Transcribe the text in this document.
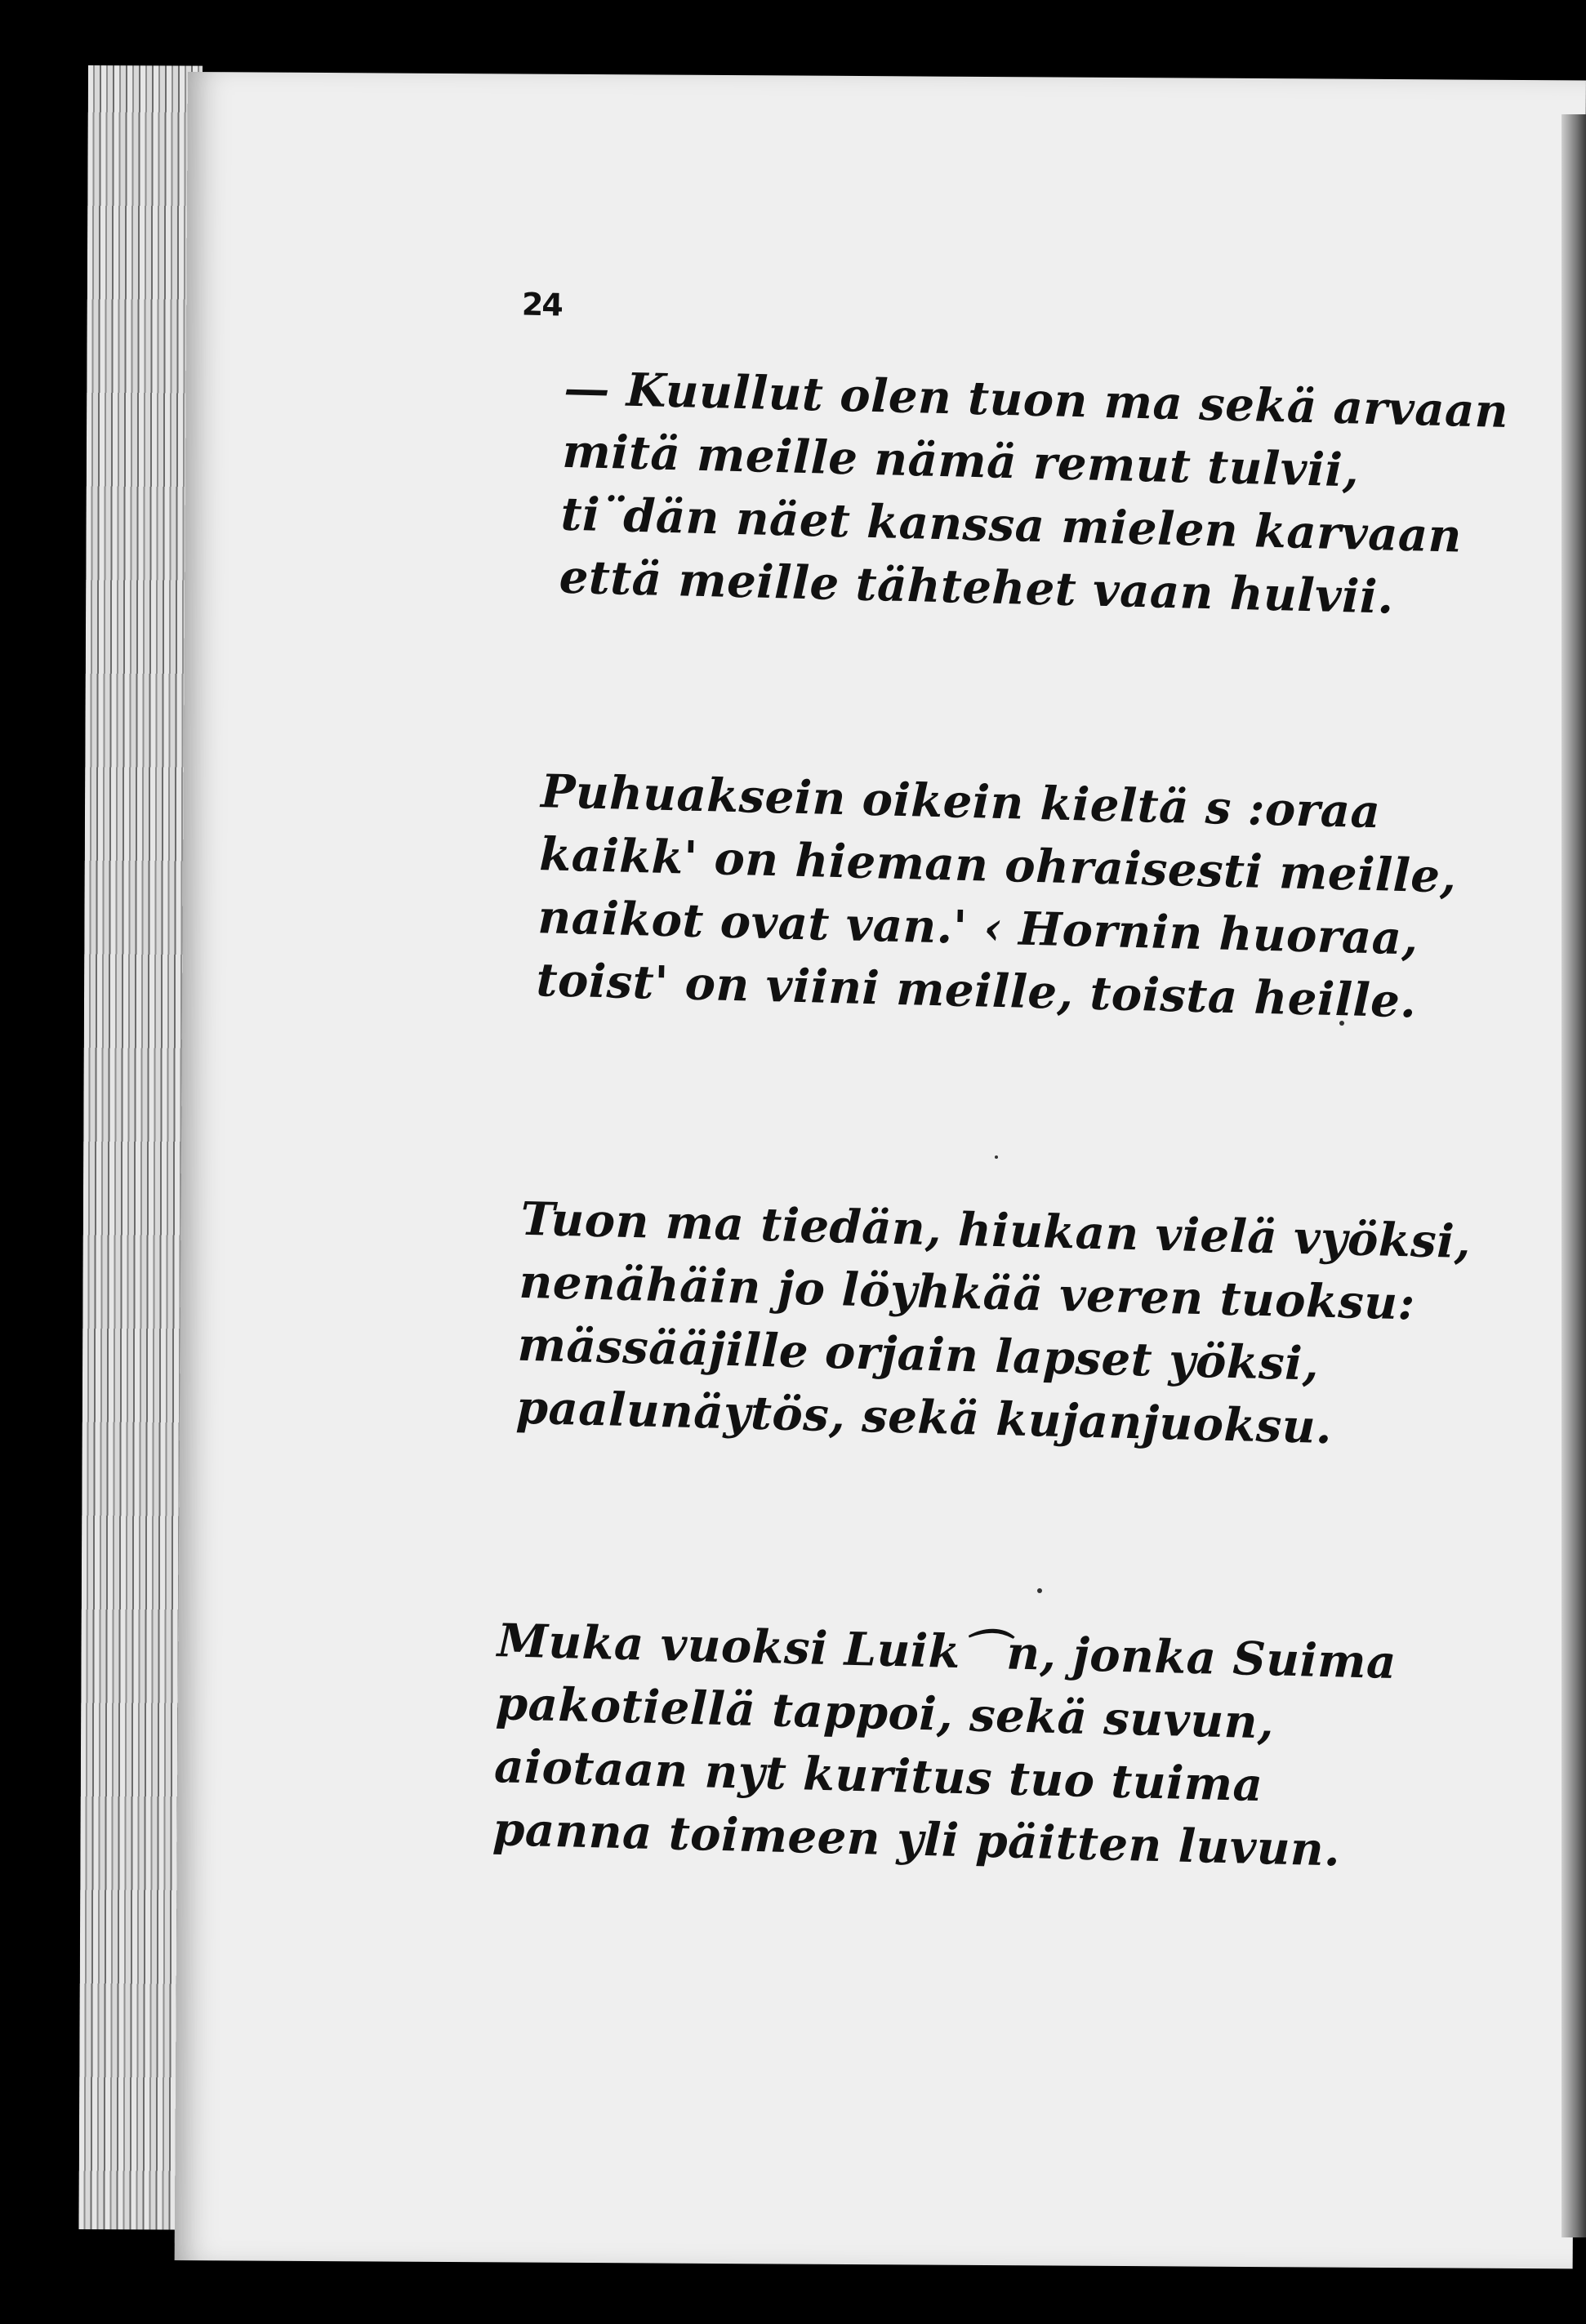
24
— Kuullut olen tuon ma sekä arvaan
mitä meille nämä remut tulvii,
ti¨dän näet kanssa mielen karvaan
että meille tähtehet vaan hulvii.
Puhuaksein oikein kieltä s :oraa
kaikk' on hieman ohraisesti meille,
naikot ovat van.' ‹ Hornin huoraa,
toist' on viini meille, toista heille.
Tuon ma tiedän, hiukan vielä vyöksi,
nenähäin jo löyhkää veren tuoksu:
mässääjille orjain lapset yöksi,
paalunäytös, sekä kujanjuoksu.
Muka vuoksi Luik⌒n, jonka Suima
pakotiellä tappoi, sekä suvun,
aiotaan nyt kuritus tuo tuima
panna toimeen yli päitten luvun.
